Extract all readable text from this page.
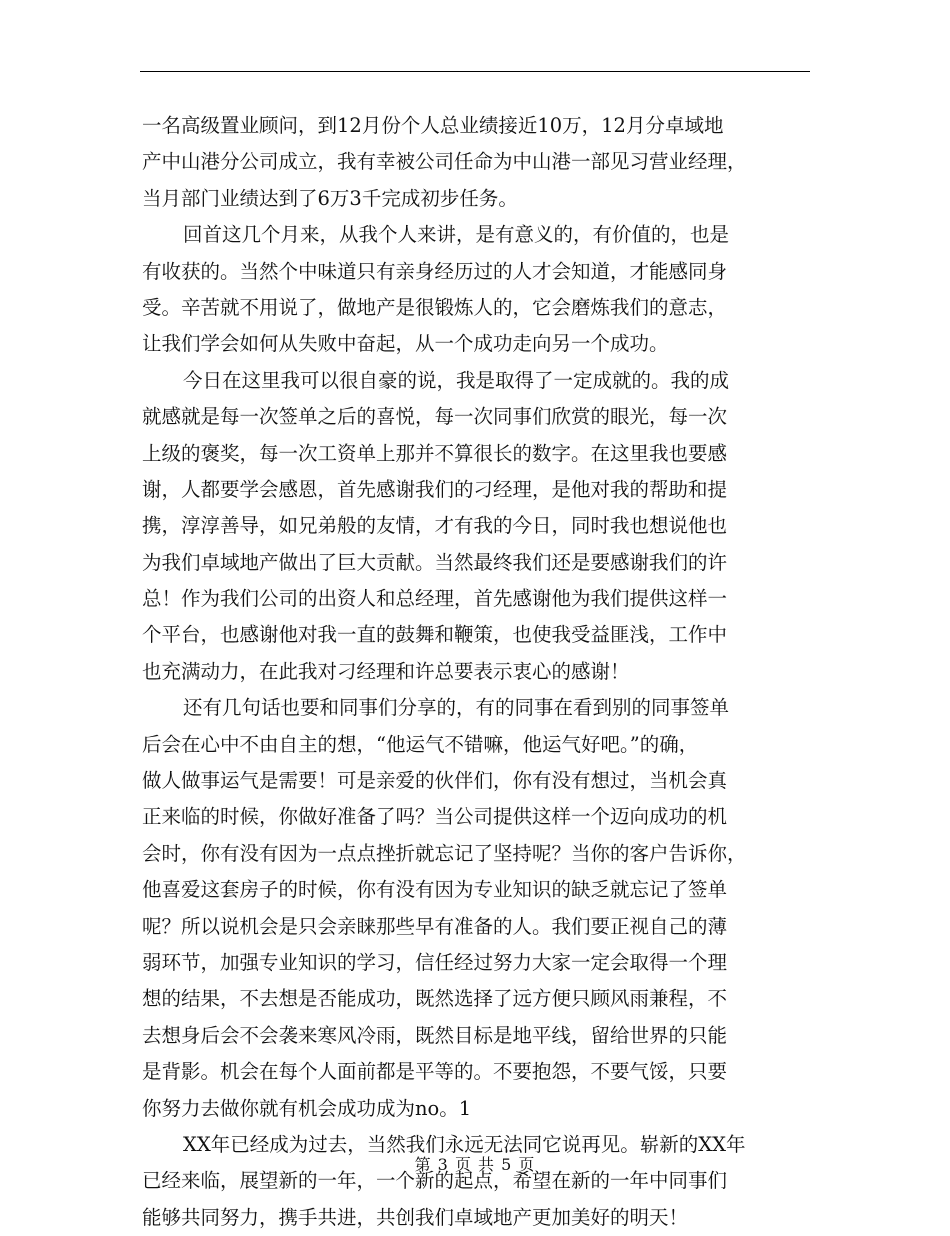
一名高级置业顾问，到12月份个人总业绩接近10万，12月分卓域地
产中山港分公司成立，我有幸被公司任命为中山港一部见习营业经理，
当月部门业绩达到了6万3千完成初步任务。
回首这几个月来，从我个人来讲，是有意义的，有价值的，也是
有收获的。当然个中味道只有亲身经历过的人才会知道，才能感同身
受。辛苦就不用说了，做地产是很锻炼人的，它会磨炼我们的意志，
让我们学会如何从失败中奋起，从一个成功走向另一个成功。
今日在这里我可以很自豪的说，我是取得了一定成就的。我的成
就感就是每一次签单之后的喜悦，每一次同事们欣赏的眼光，每一次
上级的褒奖，每一次工资单上那并不算很长的数字。在这里我也要感
谢，人都要学会感恩，首先感谢我们的刁经理，是他对我的帮助和提
携，淳淳善导，如兄弟般的友情，才有我的今日，同时我也想说他也
为我们卓域地产做出了巨大贡献。当然最终我们还是要感谢我们的许
总！作为我们公司的出资人和总经理，首先感谢他为我们提供这样一
个平台，也感谢他对我一直的鼓舞和鞭策，也使我受益匪浅，工作中
也充满动力，在此我对刁经理和许总要表示衷心的感谢！
还有几句话也要和同事们分享的，有的同事在看到别的同事签单
后会在心中不由自主的想，“他运气不错嘛，他运气好吧。”的确，
做人做事运气是需要！可是亲爱的伙伴们，你有没有想过，当机会真
正来临的时候，你做好准备了吗？当公司提供这样一个迈向成功的机
会时，你有没有因为一点点挫折就忘记了坚持呢？当你的客户告诉你，
他喜爱这套房子的时候，你有没有因为专业知识的缺乏就忘记了签单
呢？所以说机会是只会亲睐那些早有准备的人。我们要正视自己的薄
弱环节，加强专业知识的学习，信任经过努力大家一定会取得一个理
想的结果，不去想是否能成功，既然选择了远方便只顾风雨兼程，不
去想身后会不会袭来寒风冷雨，既然目标是地平线，留给世界的只能
是背影。机会在每个人面前都是平等的。不要抱怨，不要气馁，只要
你努力去做你就有机会成功成为no。1
XX年已经成为过去，当然我们永远无法同它说再见。崭新的XX年
已经来临，展望新的一年，一个新的起点，希望在新的一年中同事们
能够共同努力，携手共进，共创我们卓域地产更加美好的明天！
第 3 页 共 5 页
